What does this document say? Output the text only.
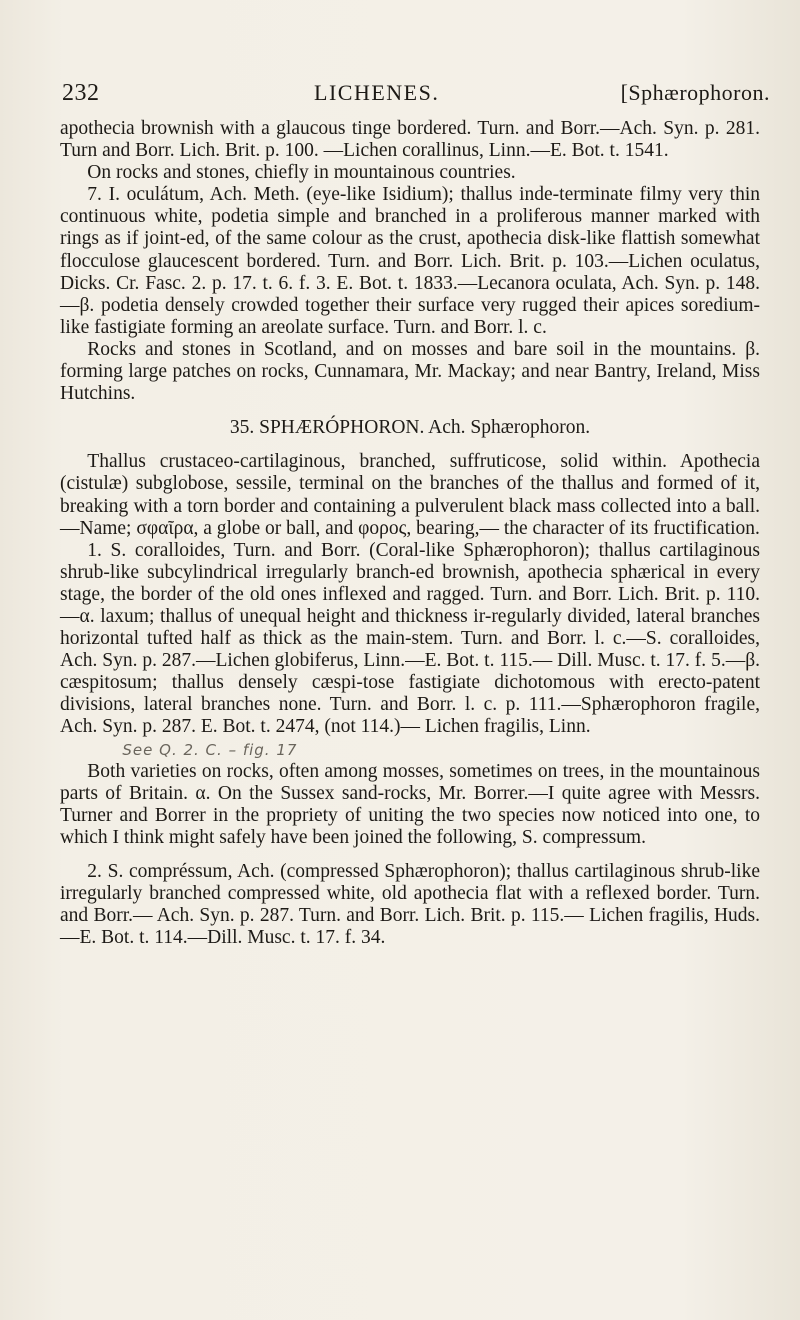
232	LICHENES.	[Sphærophoron.

apothecia brownish with a glaucous tinge bordered. Turn. and Borr.—Ach. Syn. p. 281. Turn and Borr. Lich. Brit. p. 100. —Lichen corallinus, Linn.—E. Bot. t. 1541.

On rocks and stones, chiefly in mountainous countries.

7. I. oculátum, Ach. Meth. (eye-like Isidium); thallus inde-terminate filmy very thin continuous white, podetia simple and branched in a proliferous manner marked with rings as if joint-ed, of the same colour as the crust, apothecia disk-like flattish somewhat flocculose glaucescent bordered. Turn. and Borr. Lich. Brit. p. 103.—Lichen oculatus, Dicks. Cr. Fasc. 2. p. 17. t. 6. f. 3. E. Bot. t. 1833.—Lecanora oculata, Ach. Syn. p. 148. —β. podetia densely crowded together their surface very rugged their apices soredium-like fastigiate forming an areolate surface. Turn. and Borr. l. c.

Rocks and stones in Scotland, and on mosses and bare soil in the mountains. β. forming large patches on rocks, Cunnamara, Mr. Mackay; and near Bantry, Ireland, Miss Hutchins.

35. SPHÆRÓPHORON. Ach. Sphærophoron.

Thallus crustaceo-cartilaginous, branched, suffruticose, solid within. Apothecia (cistulæ) subglobose, sessile, terminal on the branches of the thallus and formed of it, breaking with a torn border and containing a pulverulent black mass collected into a ball.—Name; σφαῖρα, a globe or ball, and φορος, bearing,— the character of its fructification.

1. S. coralloides, Turn. and Borr. (Coral-like Sphærophoron); thallus cartilaginous shrub-like subcylindrical irregularly branch-ed brownish, apothecia sphærical in every stage, the border of the old ones inflexed and ragged. Turn. and Borr. Lich. Brit. p. 110.—α. laxum; thallus of unequal height and thickness ir-regularly divided, lateral branches horizontal tufted half as thick as the main-stem. Turn. and Borr. l. c.—S. coralloides, Ach. Syn. p. 287.—Lichen globiferus, Linn.—E. Bot. t. 115.— Dill. Musc. t. 17. f. 5.—β. cæspitosum; thallus densely cæspi-tose fastigiate dichotomous with erecto-patent divisions, lateral branches none. Turn. and Borr. l. c. p. 111.—Sphærophoron fragile, Ach. Syn. p. 287. E. Bot. t. 2474, (not 114.)— Lichen fragilis, Linn.

See Q. 2. C. – fig. 17

Both varieties on rocks, often among mosses, sometimes on trees, in the mountainous parts of Britain. α. On the Sussex sand-rocks, Mr. Borrer.—I quite agree with Messrs. Turner and Borrer in the propriety of uniting the two species now noticed into one, to which I think might safely have been joined the following, S. compressum.

2. S. compréssum, Ach. (compressed Sphærophoron); thallus cartilaginous shrub-like irregularly branched compressed white, old apothecia flat with a reflexed border. Turn. and Borr.— Ach. Syn. p. 287. Turn. and Borr. Lich. Brit. p. 115.— Lichen fragilis, Huds.—E. Bot. t. 114.—Dill. Musc. t. 17. f. 34.
